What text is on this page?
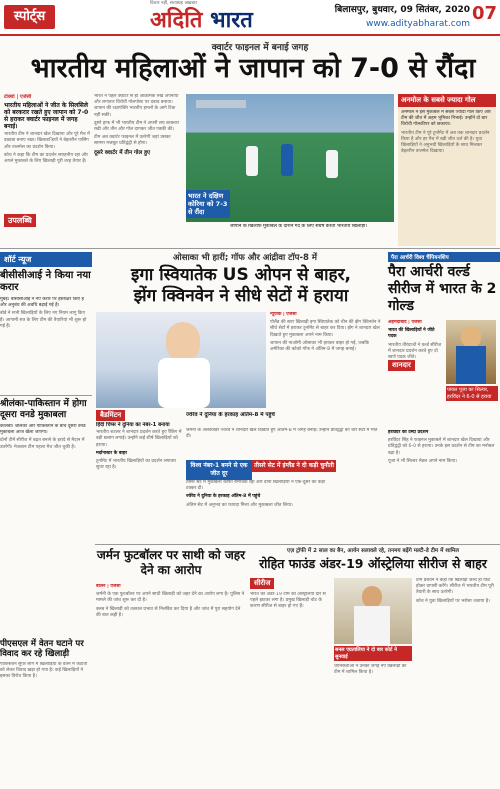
स्पोर्ट्स	अदिति भारत
विचार नहीं, सत्याग्रह अखबार
बिलासपुर, बुधवार, 09 सितंबर, 2020
www.adityabharat.com 07
क्वार्टर फाइनल में बनाई जगह
भारतीय महिलाओं ने जापान को 7-0 से रौंदा

टोक्यो | एजेंसी

भारतीय महिलाओं ने जीत के सिलसिले को बरकरार रखते हुए जापान को 7-0 से हराकर क्वार्टर फाइनल में जगह बनाई।

भारतीय टीम ने शानदार खेल दिखाया और पूरे मैच में दबदबा बनाए रखा। खिलाड-िड़यों ने बेहतरीन पासिंग और तालमेल का प्रदर्शन किया।

कोच ने कहा कि टीम का प्रदर्शन सराहनीय रहा और अगले मुकाबले के लिए खिलाड़ी पूरी तरह तैयार हैं।

उपलब्धि

भारत ने पहले क्वार्टर से ही आक्रामक रुख अपनाया और लगातार विरोधी गोलपोस्ट पर दबाव बनाया। जापान की रक्षापंक्ति भारतीय हमलों के आगे टिक नहीं सकी।

दूसरे हाफ में भी भारतीय टीम ने अपनी लय बरकरार रखी और तीन और गोल दागकर जीत पक्की की।

टीम अब क्वार्टर फाइनल में उतरेगी जहां उसका सामना मजबूत प्रतिद्वंद्वी से होगा।

दूसरे क्वार्टर में तीन गोल हुए

भारत ने दक्षिण कोरिया को 7-3 से रौंदा
जापान के खिलाफ मुकाबले के दौरान गेंद के लिए संघर्ष करती भारतीय खिलाड़ी।
अनमोल के सबसे ज्यादा गोल

अनमोल ने इस मुकाबले में सबसे ज्यादा गोल किए और टीम की जीत में अहम भूमिका निभाई। उन्होंने दो बार विरोधी गोलकीपर को छकाया।

भारतीय टीम ने पूरे टूर्नामेंट में अब तक शानदार प्रदर्शन किया है और हर मैच में बड़ी जीत दर्ज की है। युवा खिलाड़ियों ने अनुभवी खिलाड़ियों के साथ मिलकर बेहतरीन तालमेल दिखाया।

शॉर्ट न्यूज
बीसीसीआई ने किया नया करार

मुंबई। बीसीसीआई ने नए करार पर हस्ताक्षर किए हैं और अनुबंध की अवधि बढ़ाई गई है।

बोर्ड ने सभी खिलाड़ियों के लिए नए नियम लागू किए हैं। आगामी सत्र के लिए टीम की तैयारियां भी शुरू हो गई हैं।

श्रीलंका-पाकिस्तान में होगा दूसरा वनडे मुकाबला

कोलंबो। श्रीलंका और पाकिस्तान के बीच दूसरा वनडे मुकाबला आज खेला जाएगा।

दोनों टीमें सीरीज में बढ़त बनाने के इरादे से मैदान में उतरेंगी। मेजबान टीम पहला मैच जीत चुकी है।

ओसाका भी हारीं; गॉफ और आंद्रीवा टॉप-8 में
इगा स्वियातेक US ओपन से बाहर,
झेंग क्विनवेन ने सीधे सेटों में हराया

न्यूयॉर्क | एजेंसी

पोलैंड की स्टार खिलाड़ी इगा स्वियातेक को चीन की झेंग क्विनवेन ने सीधे सेटों में हराकर टूर्नामेंट से बाहर कर दिया। झेंग ने शानदार खेल दिखाते हुए मुकाबला अपने नाम किया।

जापान की नाओमी ओसाका भी हारकर बाहर हो गईं, जबकि अमेरिका की कोको गॉफ ने अंतिम-8 में जगह बनाई।

बैडमिंटन

हिंदी चिप्स ने दुनिया का नंबर-1 बनाया

भारतीय शटलर ने शानदार प्रदर्शन करते हुए रैंकिंग में बड़ी छलांग लगाई। उन्होंने कई शीर्ष खिलाड़ियों को हराया।

मर्दानास्टर के बाहर

टूर्नामेंट में भारतीय खिलाड़ियों का प्रदर्शन लगातार सुधर रहा है।

ज्वेरेव ने दुनिया के हरकाह अंतिम-8 में पहुंचे

जर्मनी के अलेक्जेंडर ज्वेरेव ने शानदार खेल दिखाते हुए अंतिम-8 में जगह बनाई। उन्होंने प्रतिद्वंद्वी को चार सेटों में मात दी।

विश्व नंबर-1 बनने से एक जीत दूर
तीसरे सेट में इंग्लैंड ने दी कड़ी चुनौती

तीसरे सेट में मुकाबला काफी रोमांचक रहा और दोनों खिलाड़ियों ने एक-दूसरे को कड़ी टक्कर दी।

ज्वेरेव ने दुनिया के हरकाह अंतिम-8 में पहुंचे

अंतिम सेट में अनुभव का फायदा मिला और मुकाबला जीत लिया।

पैरा आर्चरी विश्व चैंपियनशिप
पैरा आर्चरी वर्ल्ड सीरीज में भारत के 2 गोल्ड

अहमदाबाद | एजेंसी

भारत की खिलाड़ियों ने जीते पदक

भारतीय तीरंदाजों ने वर्ल्ड सीरीज में शानदार प्रदर्शन करते हुए दो स्वर्ण पदक जीते।

शानदार
पायल पूजा का सिल्वर, हरविंदर ने 6-0 से हराया

हरविंदर का उम्दा प्रदर्शन

हरविंदर सिंह ने फाइनल मुकाबले में शानदार खेल दिखाया और प्रतिद्वंद्वी को 6-0 से हराया। उनके इस प्रदर्शन से टीम का मनोबल बढ़ा है।

पूजा ने भी सिल्वर मेडल अपने नाम किया।

पीएसएल में वेतन घटाने पर विवाद कर रहे खिलाड़ी

पाकिस्तान सुपर लीग में खिलाड़ियों के वेतन में कटौती को लेकर विवाद खड़ा हो गया है। कई खिलाड़ियों ने इसका विरोध किया है।

जर्मन फुटबॉलर पर साथी को जहर देने का आरोप

बर्लिन | एजेंसी

जर्मनी के एक फुटबॉलर पर अपने साथी खिलाड़ी को जहर देने का आरोप लगा है। पुलिस ने मामले की जांच शुरू कर दी है।

क्लब ने खिलाड़ी को तत्काल प्रभाव से निलंबित कर दिया है और जांच में पूरा सहयोग देने की बात कही है।

एज़ ट्रॉफी में 2 साल का बैन, आर्यन सलावले रहे, तनमय बढ़ेंगे मल्टी-डे टीम में शामिल
रोहित फाउंड अंडर-19 ऑस्ट्रेलिया सीरीज से बाहर
सीरीज

भारत की अंडर-19 टीम को ऑस्ट्रेलिया दौरे से पहले झटका लगा है। प्रमुख खिलाड़ी चोट के कारण सीरीज से बाहर हो गए हैं।

सनल एग्रतालिया ने दो बार कोर्ट ने सुनवाई

चयनकर्ताओं ने उनकी जगह नए खिलाड़ी को टीम में शामिल किया है।

टीम प्रबंधन ने कहा कि खिलाड़ी जल्द ही फिट होकर वापसी करेंगे। सीरीज में भारतीय टीम पूरी तैयारी के साथ उतरेगी।

कोच ने युवा खिलाड़ियों पर भरोसा जताया है।
